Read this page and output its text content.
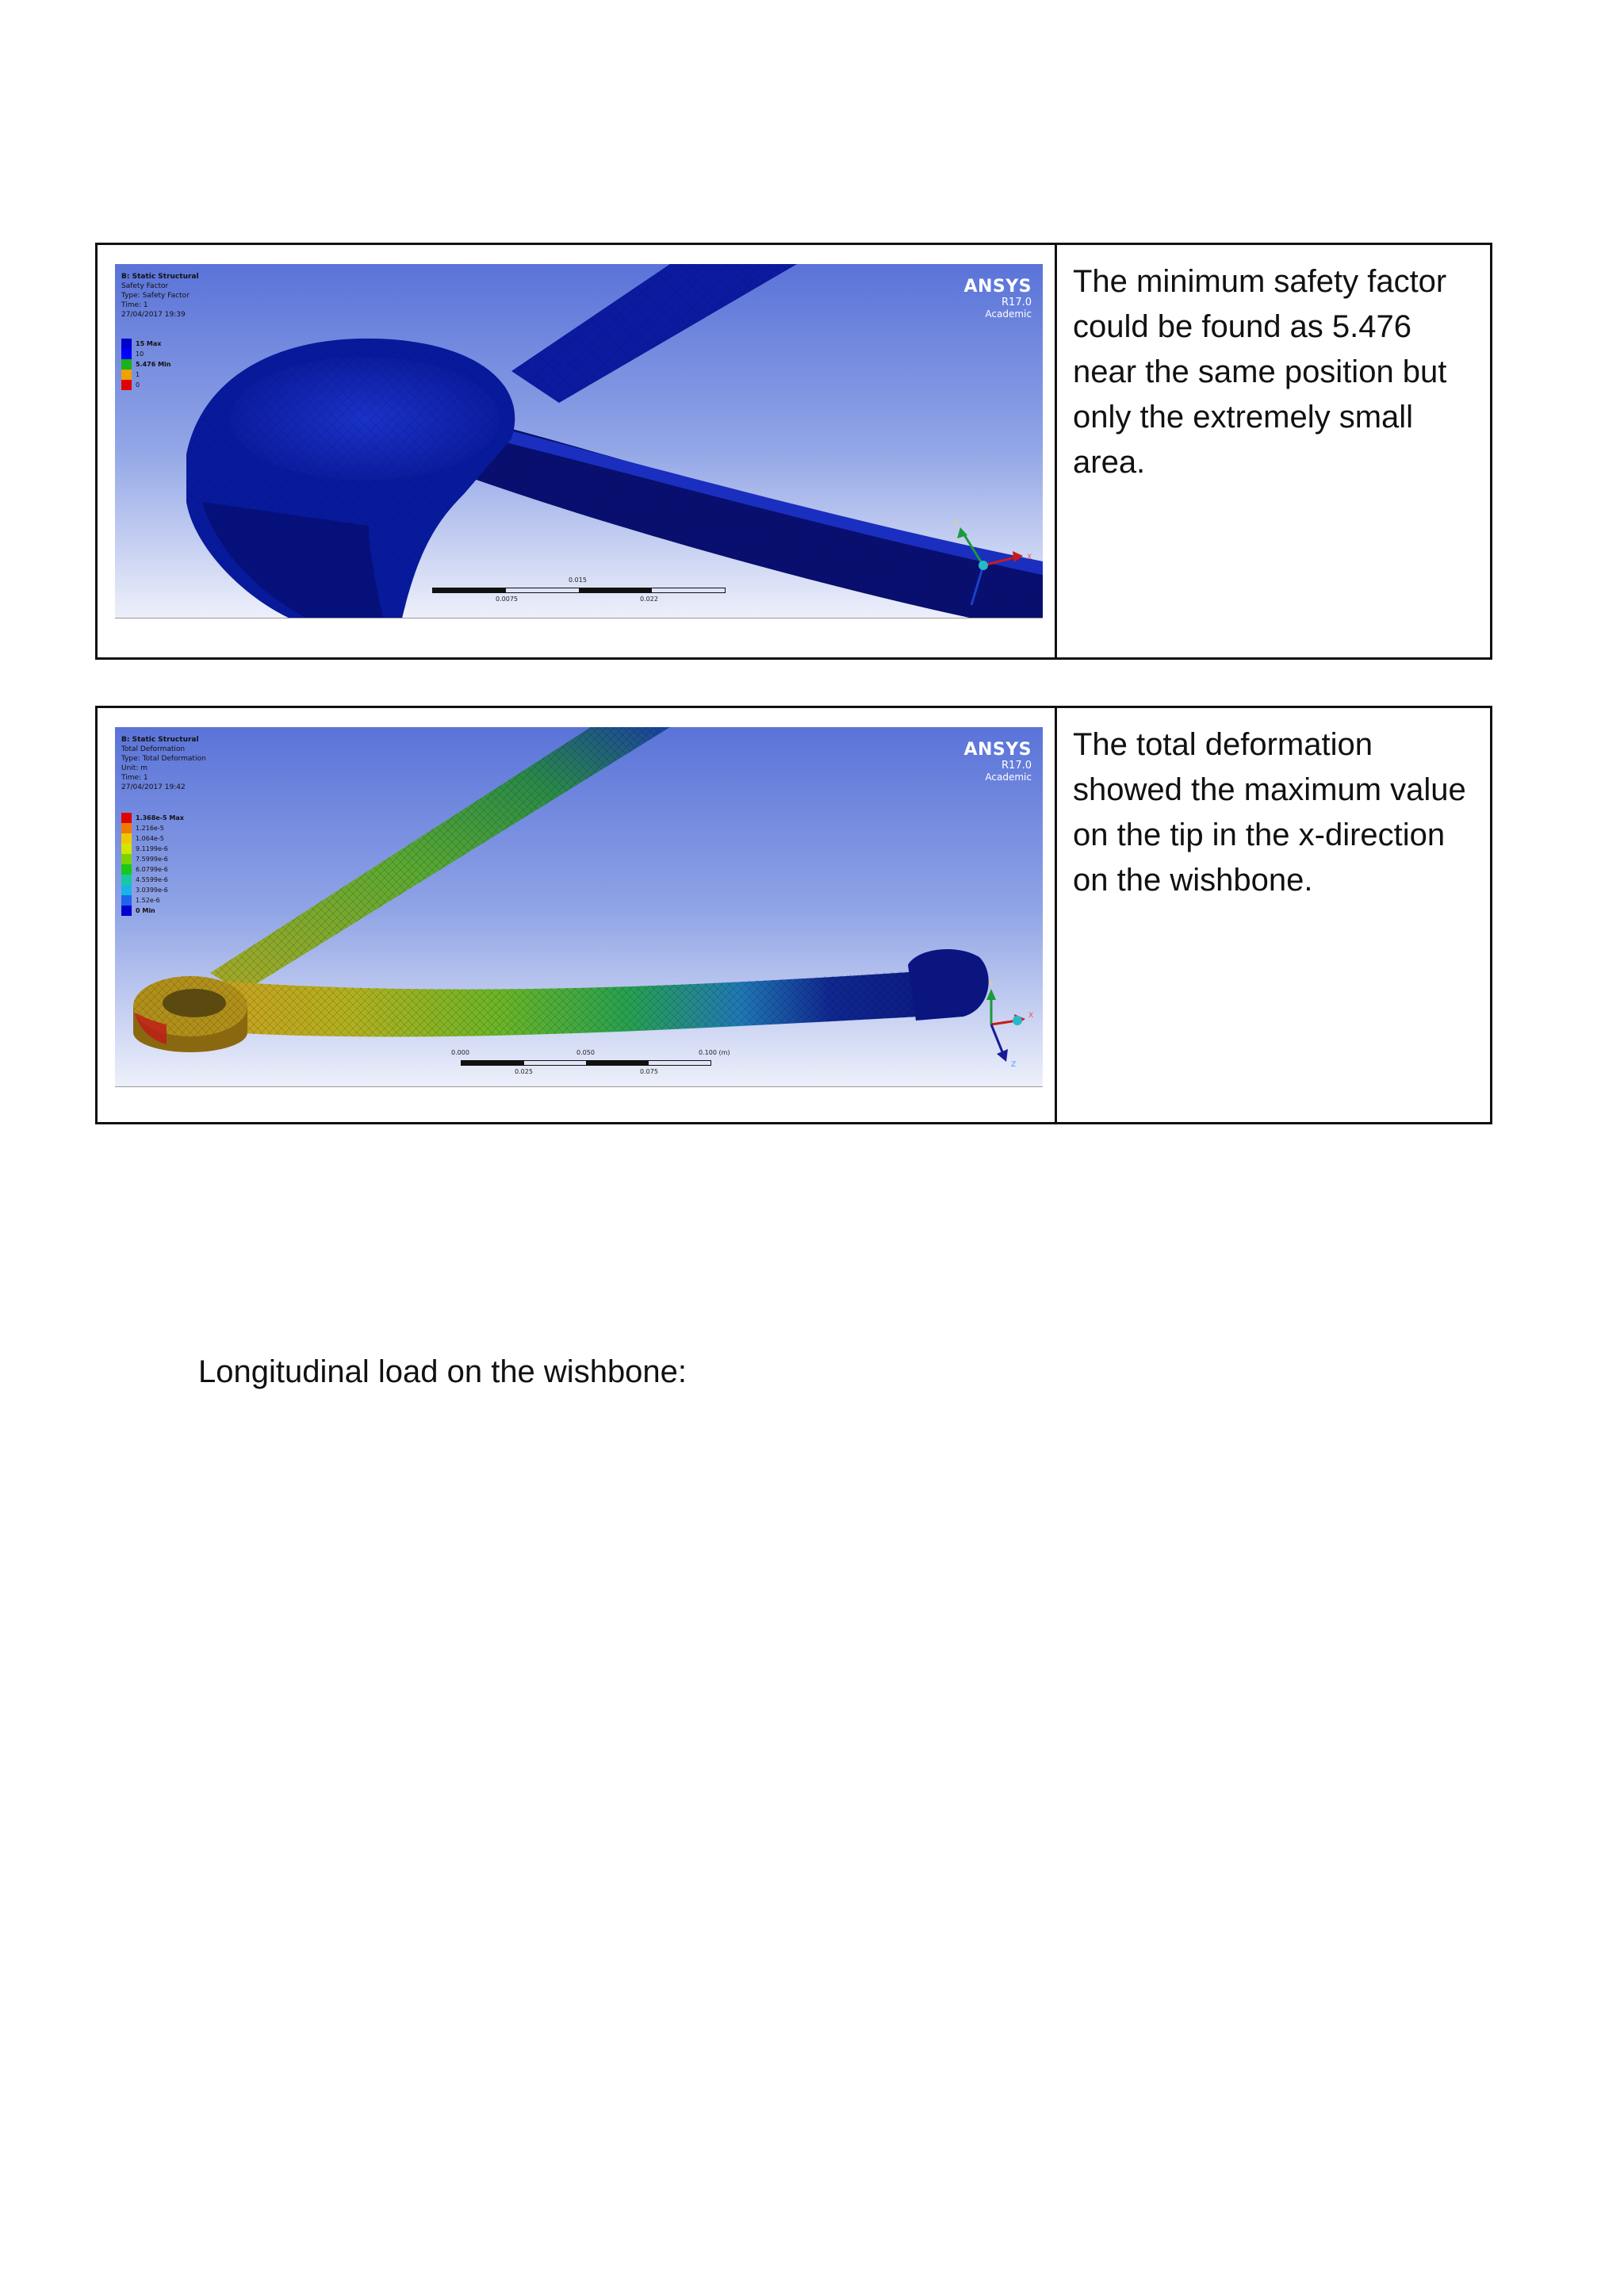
Y
X
B: Static Structural
Safety Factor
Type: Safety Factor
Time: 1
27/04/2017 19:39
15 Max
10
5.476 Min
1
0
ANSYS
R17.0
Academic
0.015
0.0075	0.022
The minimum safety factor could be found as 5.476 near the same position but only the extremely small area.
Y
X
Z
B: Static Structural
Total Deformation
Type: Total Deformation
Unit: m
Time: 1
27/04/2017 19:42
1.368e-5 Max
1.216e-5
1.064e-5
9.1199e-6
7.5999e-6
6.0799e-6
4.5599e-6
3.0399e-6
1.52e-6
0 Min
ANSYS
R17.0
Academic
0.000	0.050	0.100 (m)
0.025	0.075
The total deformation showed the maximum value on the tip in the x-direction on the wishbone.
Longitudinal load on the wishbone:
